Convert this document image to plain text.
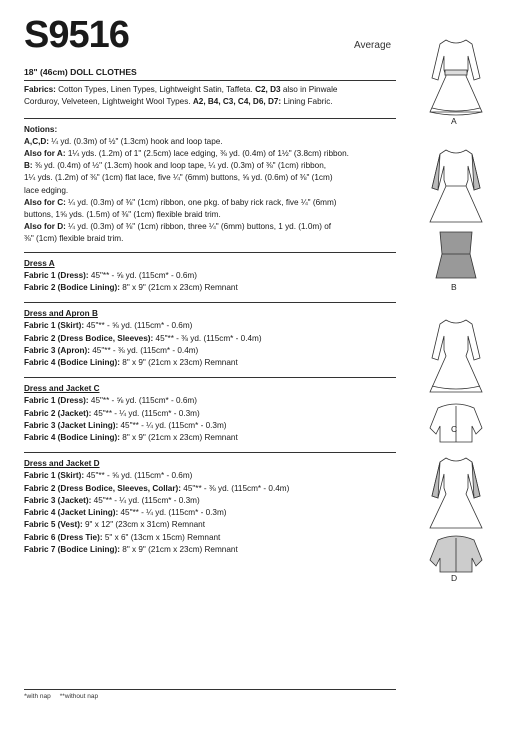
S9516	Average
18" (46cm) DOLL CLOTHES
Fabrics: Cotton Types, Linen Types, Lightweight Satin, Taffeta. C2, D3 also in Pinwale
Corduroy, Velveteen, Lightweight Wool Types. A2, B4, C3, C4, D6, D7: Lining Fabric.
Notions:
A,C,D: ¼ yd. (0.3m) of ½" (1.3cm) hook and loop tape.
Also for A: 1¼ yds. (1.2m) of 1" (2.5cm) lace edging, ⅜ yd. (0.4m) of 1½" (3.8cm) ribbon.
B: ⅜ yd. (0.4m) of ½" (1.3cm) hook and loop tape, ¼ yd. (0.3m) of ⅜" (1cm) ribbon,
1¼ yds. (1.2m) of ⅜" (1cm) flat lace, five ¼" (6mm) buttons, ⅝ yd. (0.6m) of ⅜" (1cm)
lace edging.
Also for C: ¼ yd. (0.3m) of ⅜" (1cm) ribbon, one pkg. of baby rick rack, five ¼" (6mm)
buttons, 1⅝ yds. (1.5m) of ⅜" (1cm) flexible braid trim.
Also for D: ¼ yd. (0.3m) of ⅜" (1cm) ribbon, three ¼" (6mm) buttons, 1 yd. (1.0m) of
⅜" (1cm) flexible braid trim.
Dress A
Fabric 1 (Dress): 45"** - ⅝ yd. (115cm* - 0.6m)
Fabric 2 (Bodice Lining): 8" x 9" (21cm x 23cm) Remnant
Dress and Apron B
Fabric 1 (Skirt): 45"** - ⅝ yd. (115cm* - 0.6m)
Fabric 2 (Dress Bodice, Sleeves): 45"** - ⅜ yd. (115cm* - 0.4m)
Fabric 3 (Apron): 45"** - ⅜ yd. (115cm* - 0.4m)
Fabric 4 (Bodice Lining): 8" x 9" (21cm x 23cm) Remnant
Dress and Jacket C
Fabric 1 (Dress): 45"** - ⅝ yd. (115cm* - 0.6m)
Fabric 2 (Jacket): 45"** - ¼ yd. (115cm* - 0.3m)
Fabric 3 (Jacket Lining): 45"** - ¼ yd. (115cm* - 0.3m)
Fabric 4 (Bodice Lining): 8" x 9" (21cm x 23cm) Remnant
Dress and Jacket D
Fabric 1 (Skirt): 45"** - ⅝ yd. (115cm* - 0.6m)
Fabric 2 (Dress Bodice, Sleeves, Collar): 45"** - ⅜ yd. (115cm* - 0.4m)
Fabric 3 (Jacket): 45"** - ¼ yd. (115cm* - 0.3m)
Fabric 4 (Jacket Lining): 45"** - ¼ yd. (115cm* - 0.3m)
Fabric 5 (Vest): 9" x 12" (23cm x 31cm) Remnant
Fabric 6 (Dress Tie): 5" x 6" (13cm x 15cm) Remnant
Fabric 7 (Bodice Lining): 8" x 9" (21cm x 23cm) Remnant
*with nap     **without nap
A
B
C
D
